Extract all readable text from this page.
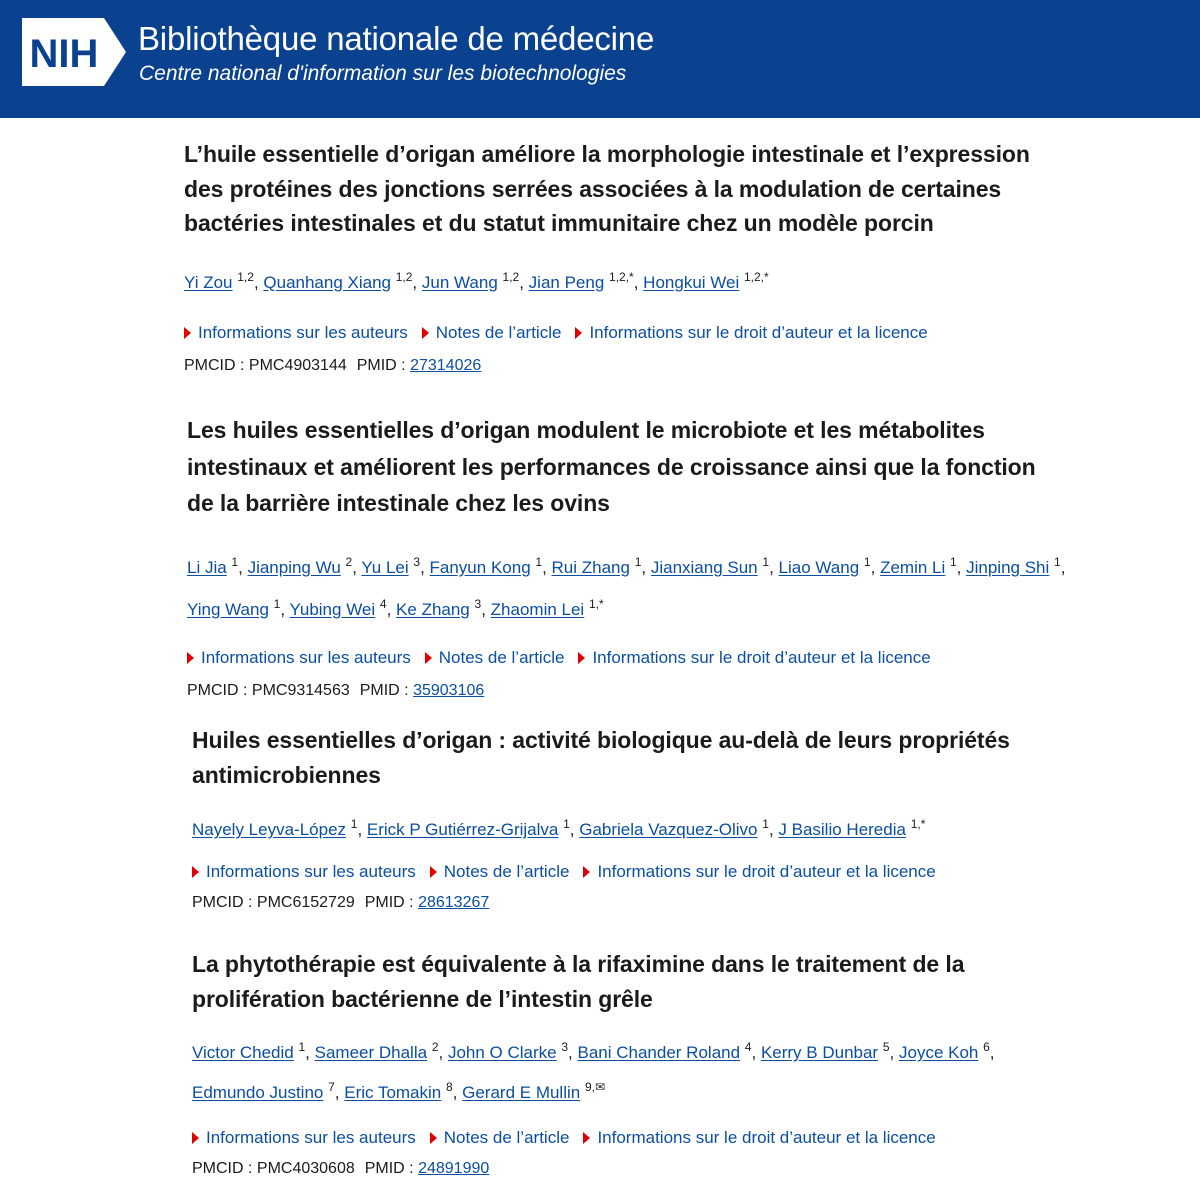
NIH Bibliothèque nationale de médecine
Centre national d'information sur les biotechnologies
L’huile essentielle d’origan améliore la morphologie intestinale et l’expression des protéines des jonctions serrées associées à la modulation de certaines bactéries intestinales et du statut immunitaire chez un modèle porcin
Yi Zou $^{1,2}$, Quanhang Xiang $^{1,2}$, Jun Wang $^{1,2}$, Jian Peng $^{1,2,*}$, Hongkui Wei $^{1,2,*}$
Informations sur les auteurs Notes de l’article Informations sur le droit d’auteur et la licence
PMCID : PMC4903144 PMID : 27314026
Les huiles essentielles d’origan modulent le microbiote et les métabolites intestinaux et améliorent les performances de croissance ainsi que la fonction de la barrière intestinale chez les ovins
Li Jia $^1$, Jianping Wu $^2$, Yu Lei $^3$, Fanyun Kong $^1$, Rui Zhang $^1$, Jianxiang Sun $^1$, Liao Wang $^1$, Zemin Li $^1$, Jinping Shi $^1$, Ying Wang $^1$, Yubing Wei $^4$, Ke Zhang $^3$, Zhaomin Lei $^{1,*}$
Informations sur les auteurs Notes de l’article Informations sur le droit d’auteur et la licence
PMCID : PMC9314563 PMID : 35903106
Huiles essentielles d’origan : activité biologique au-delà de leurs propriétés antimicrobiennes
Nayely Leyva-López $^1$, Erick P Gutiérrez-Grijalva $^1$, Gabriela Vazquez-Olivo $^1$, J Basilio Heredia $^{1,*}$
Informations sur les auteurs Notes de l’article Informations sur le droit d’auteur et la licence
PMCID : PMC6152729 PMID : 28613267
La phytothérapie est équivalente à la rifaximine dans le traitement de la prolifération bactérienne de l’intestin grêle
Victor Chedid $^1$, Sameer Dhalla $^2$, John O Clarke $^3$, Bani Chander Roland $^4$, Kerry B Dunbar $^5$, Joyce Koh $^6$, Edmundo Justino $^7$, Eric Tomakin $^8$, Gerard E Mullin $^{9,✉}$
Informations sur les auteurs Notes de l’article Informations sur le droit d’auteur et la licence
PMCID : PMC4030608 PMID : 24891990
